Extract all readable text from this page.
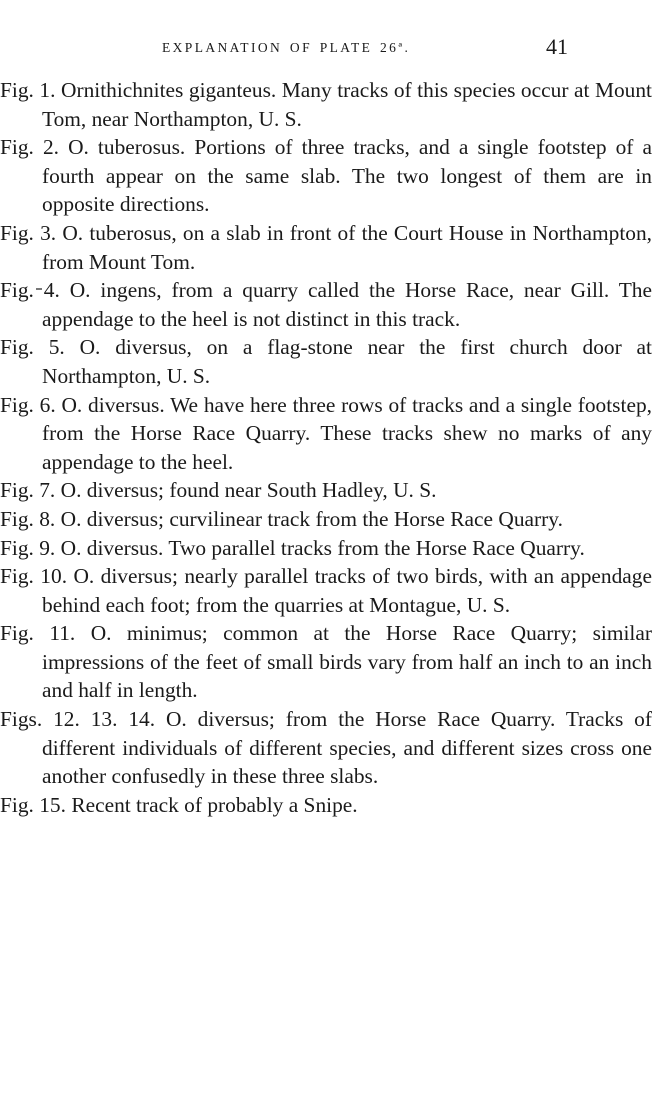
EXPLANATION OF PLATE 26ª.	41

Fig. 1. Ornithichnites giganteus. Many tracks of this species occur at Mount Tom, near Northampton, U. S.

Fig. 2. O. tuberosus. Portions of three tracks, and a single footstep of a fourth appear on the same slab. The two longest of them are in opposite directions.

Fig. 3. O. tuberosus, on a slab in front of the Court House in Northampton, from Mount Tom.

Fig. 4. O. ingens, from a quarry called the Horse Race, near Gill. The appendage to the heel is not distinct in this track.

Fig. 5. O. diversus, on a flag-stone near the first church door at Northampton, U. S.

Fig. 6. O. diversus. We have here three rows of tracks and a single footstep, from the Horse Race Quarry. These tracks shew no marks of any appendage to the heel.

Fig. 7. O. diversus; found near South Hadley, U. S.

Fig. 8. O. diversus; curvilinear track from the Horse Race Quarry.

Fig. 9. O. diversus. Two parallel tracks from the Horse Race Quarry.

Fig. 10. O. diversus; nearly parallel tracks of two birds, with an appendage behind each foot; from the quarries at Montague, U. S.

Fig. 11. O. minimus; common at the Horse Race Quarry; similar impressions of the feet of small birds vary from half an inch to an inch and half in length.

Figs. 12. 13. 14. O. diversus; from the Horse Race Quarry. Tracks of different individuals of different species, and different sizes cross one another confusedly in these three slabs.

Fig. 15. Recent track of probably a Snipe.
